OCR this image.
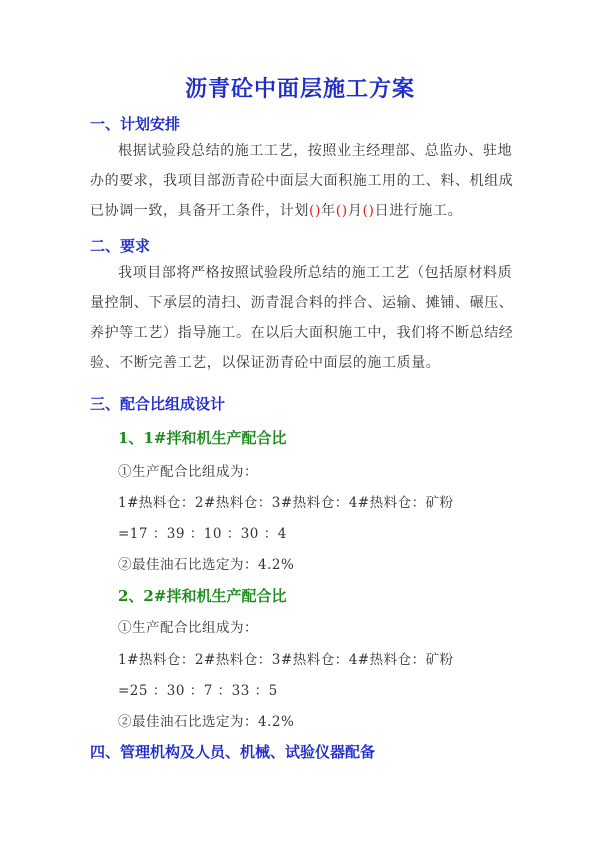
沥青砼中面层施工方案
一、计划安排
根据试验段总结的施工工艺，按照业主经理部、总监办、驻地办的要求，我项目部沥青砼中面层大面积施工用的工、料、机组成已协调一致，具备开工条件，计划()年()月()日进行施工。
二、要求
我项目部将严格按照试验段所总结的施工工艺（包括原材料质量控制、下承层的清扫、沥青混合料的拌合、运输、摊铺、碾压、养护等工艺）指导施工。在以后大面积施工中，我们将不断总结经验、不断完善工艺，以保证沥青砼中面层的施工质量。
三、配合比组成设计
1、1#拌和机生产配合比
①生产配合比组成为：
1#热料仓：2#热料仓：3#热料仓：4#热料仓：矿粉
=17 ：39 ：10 ：30 ：4
②最佳油石比选定为：4.2%
2、2#拌和机生产配合比
①生产配合比组成为：
1#热料仓：2#热料仓：3#热料仓：4#热料仓：矿粉
=25 ：30 ：7 ：33 ：5
②最佳油石比选定为：4.2%
四、管理机构及人员、机械、试验仪器配备
